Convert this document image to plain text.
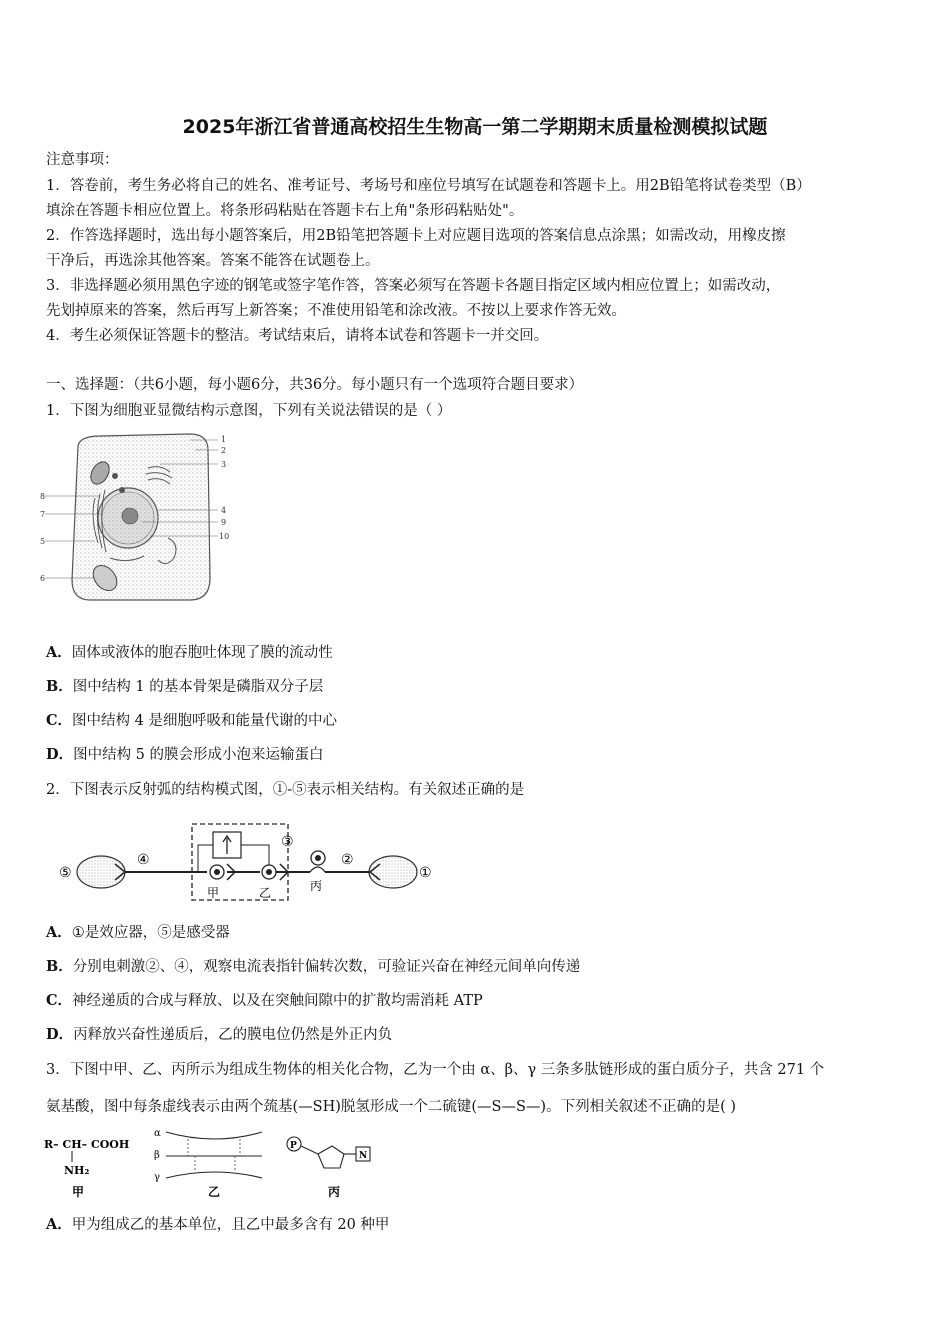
2025年浙江省普通高校招生生物高一第二学期期末质量检测模拟试题
注意事项：
1．答卷前，考生务必将自己的姓名、准考证号、考场号和座位号填写在试题卷和答题卡上。用2B铅笔将试卷类型（B）
填涂在答题卡相应位置上。将条形码粘贴在答题卡右上角"条形码粘贴处"。
2．作答选择题时，选出每小题答案后，用2B铅笔把答题卡上对应题目选项的答案信息点涂黑；如需改动，用橡皮擦
干净后，再选涂其他答案。答案不能答在试题卷上。
3．非选择题必须用黑色字迹的钢笔或签字笔作答，答案必须写在答题卡各题目指定区域内相应位置上；如需改动，
先划掉原来的答案，然后再写上新答案；不准使用铅笔和涂改液。不按以上要求作答无效。
4．考生必须保证答题卡的整洁。考试结束后，请将本试卷和答题卡一并交回。
一、选择题：（共6小题，每小题6分，共36分。每小题只有一个选项符合题目要求）
1．下图为细胞亚显微结构示意图，下列有关说法错误的是（ ）
1
2
3
4
5
6
7
8
9
10
A．固体或液体的胞吞胞吐体现了膜的流动性
B．图中结构 1 的基本骨架是磷脂双分子层
C．图中结构 4 是细胞呼吸和能量代谢的中心
D．图中结构 5 的膜会形成小泡来运输蛋白
2．下图表示反射弧的结构模式图，①-⑤表示相关结构。有关叙述正确的是
⑤
④
③
②
①
甲	乙	丙
A．①是效应器，⑤是感受器
B．分别电刺激②、④，观察电流表指针偏转次数，可验证兴奋在神经元间单向传递
C．神经递质的合成与释放、以及在突触间隙中的扩散均需消耗 ATP
D．丙释放兴奋性递质后，乙的膜电位仍然是外正内负
3．下图中甲、乙、丙所示为组成生物体的相关化合物，乙为一个由 α、β、γ 三条多肽链形成的蛋白质分子，共含 271 个
氨基酸，图中每条虚线表示由两个巯基(—SH)脱氢形成一个二硫键(—S—S—)。下列相关叙述不正确的是( )
R– CH– COOH
NH₂
甲
α
β
γ
乙
P
N
丙
A．甲为组成乙的基本单位，且乙中最多含有 20 种甲
